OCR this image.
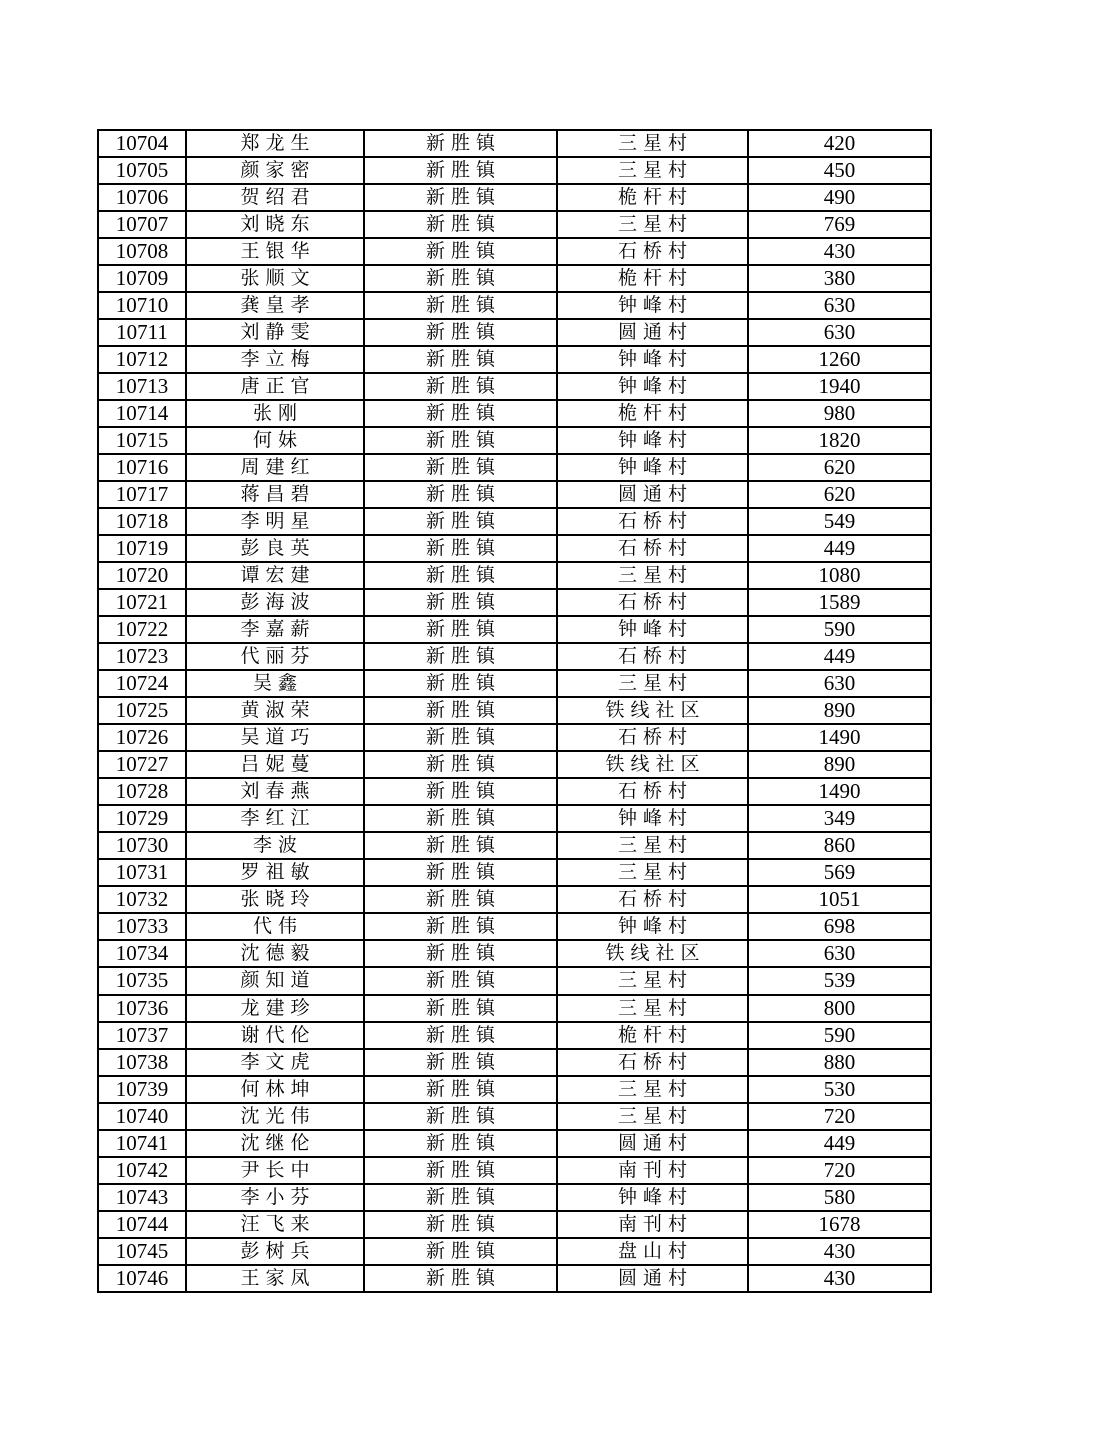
10704	郑龙生	新胜镇	三星村	420
10705	颜家密	新胜镇	三星村	450
10706	贺绍君	新胜镇	桅杆村	490
10707	刘晓东	新胜镇	三星村	769
10708	王银华	新胜镇	石桥村	430
10709	张顺文	新胜镇	桅杆村	380
10710	龚皇孝	新胜镇	钟峰村	630
10711	刘静雯	新胜镇	圆通村	630
10712	李立梅	新胜镇	钟峰村	1260
10713	唐正官	新胜镇	钟峰村	1940
10714	张刚	新胜镇	桅杆村	980
10715	何妹	新胜镇	钟峰村	1820
10716	周建红	新胜镇	钟峰村	620
10717	蒋昌碧	新胜镇	圆通村	620
10718	李明星	新胜镇	石桥村	549
10719	彭良英	新胜镇	石桥村	449
10720	谭宏建	新胜镇	三星村	1080
10721	彭海波	新胜镇	石桥村	1589
10722	李嘉薪	新胜镇	钟峰村	590
10723	代丽芬	新胜镇	石桥村	449
10724	吴鑫	新胜镇	三星村	630
10725	黄淑荣	新胜镇	铁线社区	890
10726	吴道巧	新胜镇	石桥村	1490
10727	吕妮蔓	新胜镇	铁线社区	890
10728	刘春燕	新胜镇	石桥村	1490
10729	李红江	新胜镇	钟峰村	349
10730	李波	新胜镇	三星村	860
10731	罗祖敏	新胜镇	三星村	569
10732	张晓玲	新胜镇	石桥村	1051
10733	代伟	新胜镇	钟峰村	698
10734	沈德毅	新胜镇	铁线社区	630
10735	颜知道	新胜镇	三星村	539
10736	龙建珍	新胜镇	三星村	800
10737	谢代伦	新胜镇	桅杆村	590
10738	李文虎	新胜镇	石桥村	880
10739	何林坤	新胜镇	三星村	530
10740	沈光伟	新胜镇	三星村	720
10741	沈继伦	新胜镇	圆通村	449
10742	尹长中	新胜镇	南刊村	720
10743	李小芬	新胜镇	钟峰村	580
10744	汪飞来	新胜镇	南刊村	1678
10745	彭树兵	新胜镇	盘山村	430
10746	王家凤	新胜镇	圆通村	430
